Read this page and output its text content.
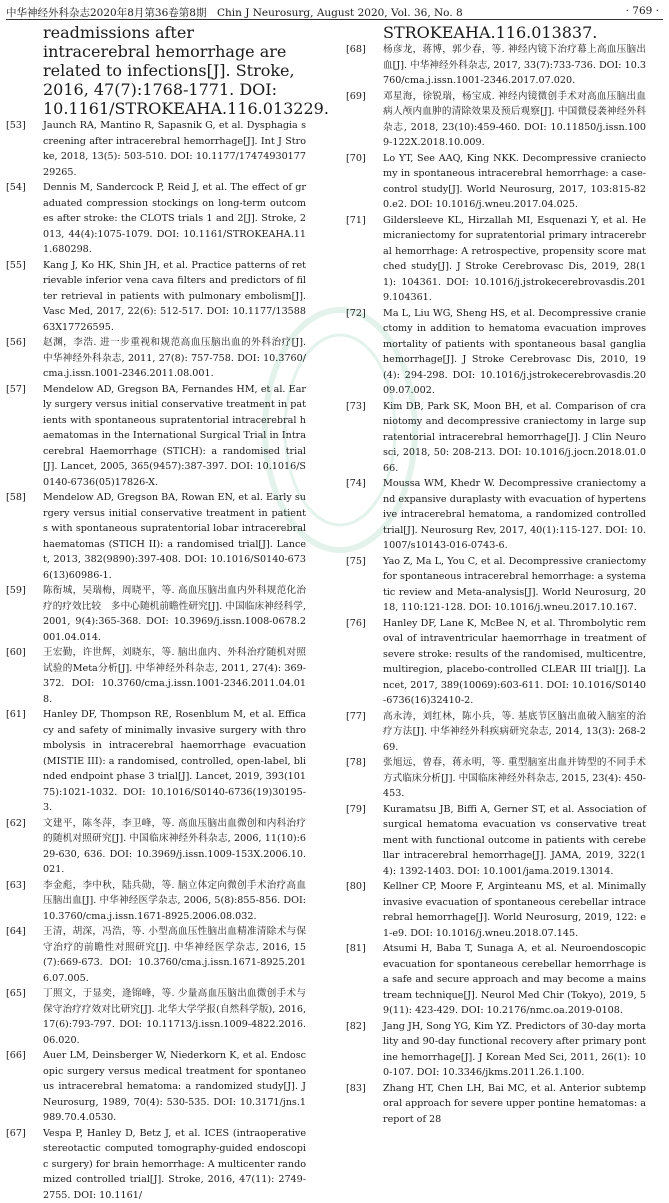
中华神经外科杂志2020年8月第36卷第8期　Chin J Neurosurg, August 2020, Vol. 36, No. 8	· 769 ·
readmissions after intracerebral hemorrhage are related to infections[J]. Stroke, 2016, 47(7):1768-1771. DOI: 10.1161/STROKEAHA.116.013229.
[53] Jaunch RA, Mantino R, Sapasnik G, et al. Dysphagia screening after intracerebral hemorrhage[J]. Int J Stroke, 2018, 13(5): 503-510. DOI: 10.1177/1747493017729265.
[54] Dennis M, Sandercock P, Reid J, et al. The effect of graduated compression stockings on long-term outcomes after stroke: the CLOTS trials 1 and 2[J]. Stroke, 2013, 44(4):1075-1079. DOI: 10.1161/STROKEAHA.111.680298.
[55] Kang J, Ko HK, Shin JH, et al. Practice patterns of retrievable inferior vena cava filters and predictors of filter retrieval in patients with pulmonary embolism[J]. Vasc Med, 2017, 22(6): 512-517. DOI: 10.1177/1358863X17726595.
[56] 赵渊，李浩. 进一步重视和规范高血压脑出血的外科治疗[J]. 中华神经外科杂志, 2011, 27(8): 757-758. DOI: 10.3760/cma.j.issn.1001-2346.2011.08.001.
[57] Mendelow AD, Gregson BA, Fernandes HM, et al. Early surgery versus initial conservative treatment in patients with spontaneous supratentorial intracerebral haematomas in the International Surgical Trial in Intracerebral Haemorrhage (STICH): a randomised trial[J]. Lancet, 2005, 365(9457):387-397. DOI: 10.1016/S0140-6736(05)17826-X.
[58] Mendelow AD, Gregson BA, Rowan EN, et al. Early surgery versus initial conservative treatment in patients with spontaneous supratentorial lobar intracerebral haematomas (STICH II): a randomised trial[J]. Lancet, 2013, 382(9890):397-408. DOI: 10.1016/S0140-6736(13)60986-1.
[59] 陈衔城，吴瑞梅，周晓平，等. 高血压脑出血内外科规范化治疗的疗效比较　多中心随机前瞻性研究[J]. 中国临床神经科学, 2001, 9(4):365-368. DOI: 10.3969/j.issn.1008-0678.2001.04.014.
[60] 王宏勤，许世辉，刘晓东，等. 脑出血内、外科治疗随机对照试验的Meta分析[J]. 中华神经外科杂志, 2011, 27(4): 369-372. DOI: 10.3760/cma.j.issn.1001-2346.2011.04.018.
[61] Hanley DF, Thompson RE, Rosenblum M, et al. Efficacy and safety of minimally invasive surgery with thrombolysis in intracerebral haemorrhage evacuation (MISTIE III): a randomised, controlled, open-label, blinded endpoint phase 3 trial[J]. Lancet, 2019, 393(10175):1021-1032. DOI: 10.1016/S0140-6736(19)30195-3.
[62] 文建平，陈冬萍，李卫峰，等. 高血压脑出血微创和内科治疗的随机对照研究[J]. 中国临床神经外科杂志, 2006, 11(10):629-630, 636. DOI: 10.3969/j.issn.1009-153X.2006.10.021.
[63] 李金彪，李中秋，陆兵勋，等. 脑立体定向微创手术治疗高血压脑出血[J]. 中华神经医学杂志, 2006, 5(8):855-856. DOI: 10.3760/cma.j.issn.1671-8925.2006.08.032.
[64] 王清，胡深，冯浩，等. 小型高血压性脑出血精准清除术与保守治疗的前瞻性对照研究[J]. 中华神经医学杂志, 2016, 15(7):669-673. DOI: 10.3760/cma.j.issn.1671-8925.2016.07.005.
[65] 丁照文，于显奕，逄锦峰，等. 少量高血压脑出血微创手术与保守治疗疗效对比研究[J]. 北华大学学报(自然科学版), 2016, 17(6):793-797. DOI: 10.11713/j.issn.1009-4822.2016.06.020.
[66] Auer LM, Deinsberger W, Niederkorn K, et al. Endoscopic surgery versus medical treatment for spontaneous intracerebral hematoma: a randomized study[J]. J Neurosurg, 1989, 70(4): 530-535. DOI: 10.3171/jns.1989.70.4.0530.
[67] Vespa P, Hanley D, Betz J, et al. ICES (intraoperative stereotactic computed tomography-guided endoscopic surgery) for brain hemorrhage: A multicenter randomized controlled trial[J]. Stroke, 2016, 47(11): 2749-2755. DOI: 10.1161/
STROKEAHA.116.013837.
[68] 杨彦龙，蒋博，郭少春，等. 神经内镜下治疗幕上高血压脑出血[J]. 中华神经外科杂志, 2017, 33(7):733-736. DOI: 10.3760/cma.j.issn.1001-2346.2017.07.020.
[69] 邓星海，徐锐瑞，杨宝成. 神经内镜微创手术对高血压脑出血病人颅内血肿的清除效果及预后观察[J]. 中国微侵袭神经外科杂志, 2018, 23(10):459-460. DOI: 10.11850/j.issn.1009-122X.2018.10.009.
[70] Lo YT, See AAQ, King NKK. Decompressive craniectomy in spontaneous intracerebral hemorrhage: a case-control study[J]. World Neurosurg, 2017, 103:815-820.e2. DOI: 10.1016/j.wneu.2017.04.025.
[71] Gildersleeve KL, Hirzallah MI, Esquenazi Y, et al. Hemicraniectomy for supratentorial primary intracerebral hemorrhage: A retrospective, propensity score matched study[J]. J Stroke Cerebrovasc Dis, 2019, 28(11): 104361. DOI: 10.1016/j.jstrokecerebrovasdis.2019.104361.
[72] Ma L, Liu WG, Sheng HS, et al. Decompressive craniectomy in addition to hematoma evacuation improves mortality of patients with spontaneous basal ganglia hemorrhage[J]. J Stroke Cerebrovasc Dis, 2010, 19(4): 294-298. DOI: 10.1016/j.jstrokecerebrovasdis.2009.07.002.
[73] Kim DB, Park SK, Moon BH, et al. Comparison of craniotomy and decompressive craniectomy in large supratentorial intracerebral hemorrhage[J]. J Clin Neurosci, 2018, 50: 208-213. DOI: 10.1016/j.jocn.2018.01.066.
[74] Moussa WM, Khedr W. Decompressive craniectomy and expansive duraplasty with evacuation of hypertensive intracerebral hematoma, a randomized controlled trial[J]. Neurosurg Rev, 2017, 40(1):115-127. DOI: 10.1007/s10143-016-0743-6.
[75] Yao Z, Ma L, You C, et al. Decompressive craniectomy for spontaneous intracerebral hemorrhage: a systematic review and Meta-analysis[J]. World Neurosurg, 2018, 110:121-128. DOI: 10.1016/j.wneu.2017.10.167.
[76] Hanley DF, Lane K, McBee N, et al. Thrombolytic removal of intraventricular haemorrhage in treatment of severe stroke: results of the randomised, multicentre, multiregion, placebo-controlled CLEAR III trial[J]. Lancet, 2017, 389(10069):603-611. DOI: 10.1016/S0140-6736(16)32410-2.
[77] 高永涛，刘红林，陈小兵，等. 基底节区脑出血破入脑室的治疗方法[J]. 中华神经外科疾病研究杂志, 2014, 13(3): 268-269.
[78] 张旭远，曾春，蒋永明，等. 重型脑室出血并铸型的不同手术方式临床分析[J]. 中国临床神经外科杂志, 2015, 23(4): 450-453.
[79] Kuramatsu JB, Biffi A, Gerner ST, et al. Association of surgical hematoma evacuation vs conservative treatment with functional outcome in patients with cerebellar intracerebral hemorrhage[J]. JAMA, 2019, 322(14): 1392-1403. DOI: 10.1001/jama.2019.13014.
[80] Kellner CP, Moore F, Arginteanu MS, et al. Minimally invasive evacuation of spontaneous cerebellar intracerebral hemorrhage[J]. World Neurosurg, 2019, 122: e1-e9. DOI: 10.1016/j.wneu.2018.07.145.
[81] Atsumi H, Baba T, Sunaga A, et al. Neuroendoscopic evacuation for spontaneous cerebellar hemorrhage is a safe and secure approach and may become a mainstream technique[J]. Neurol Med Chir (Tokyo), 2019, 59(11): 423-429. DOI: 10.2176/nmc.oa.2019-0108.
[82] Jang JH, Song YG, Kim YZ. Predictors of 30-day mortality and 90-day functional recovery after primary pontine hemorrhage[J]. J Korean Med Sci, 2011, 26(1): 100-107. DOI: 10.3346/jkms.2011.26.1.100.
[83] Zhang HT, Chen LH, Bai MC, et al. Anterior subtemporal approach for severe upper pontine hematomas: a report of 28
